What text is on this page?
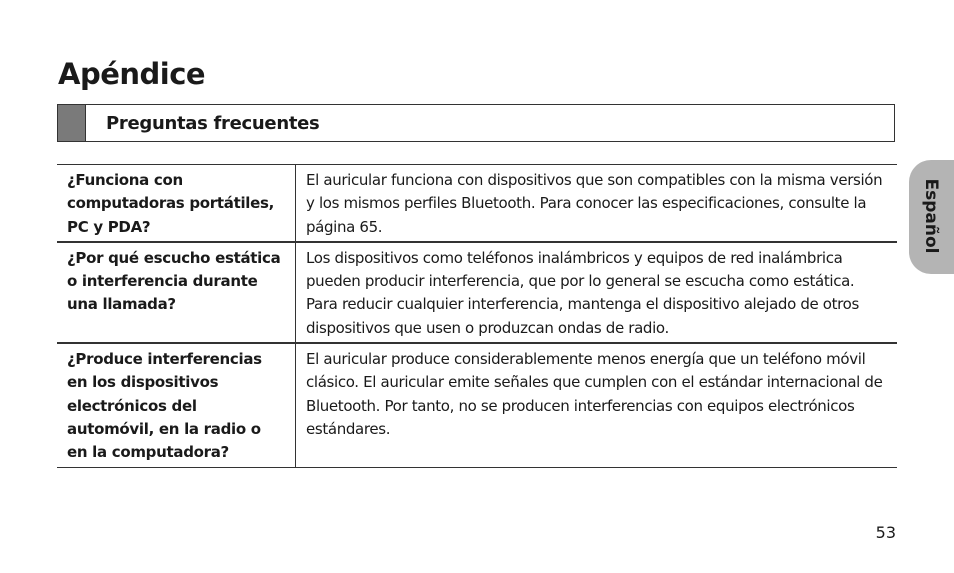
Apéndice
Preguntas frecuentes
¿Funciona con computadoras portátiles, PC y PDA?	El auricular funciona con dispositivos que son compatibles con la misma versión y los mismos perfiles Bluetooth. Para conocer las especificaciones, consulte la página 65.
¿Por qué escucho estática o interferencia durante una llamada?	Los dispositivos como teléfonos inalámbricos y equipos de red inalámbrica pueden producir interferencia, que por lo general se escucha como estática. Para reducir cualquier interferencia, mantenga el dispositivo alejado de otros dispositivos que usen o produzcan ondas de radio.
¿Produce interferencias en los dispositivos electrónicos del automóvil, en la radio o en la computadora?	El auricular produce considerablemente menos energía que un teléfono móvil clásico. El auricular emite señales que cumplen con el estándar internacional de Bluetooth. Por tanto, no se producen interferencias con equipos electrónicos estándares.
Español
53
